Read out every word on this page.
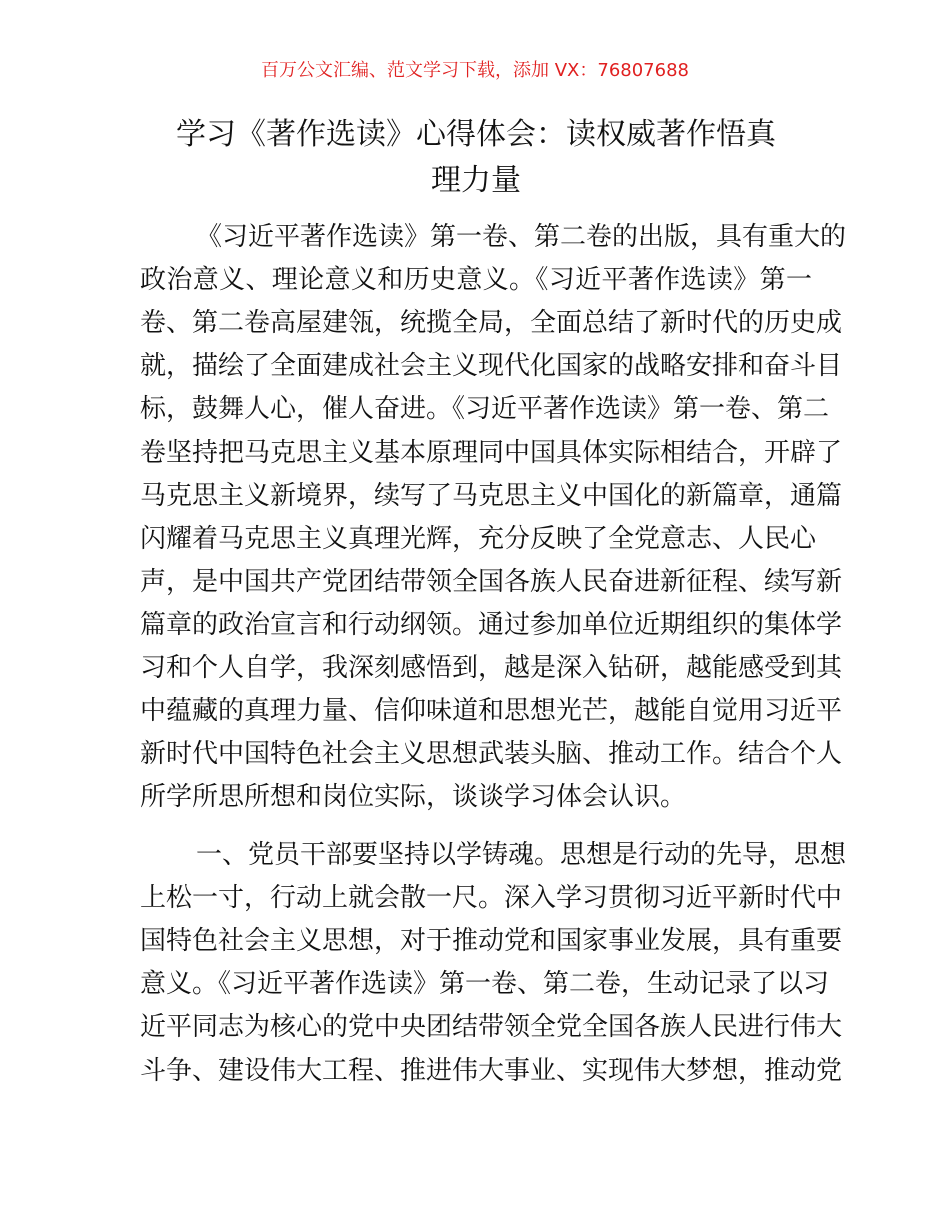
百万公文汇编、范文学习下载，添加 VX：76807688
学习《著作选读》心得体会：读权威著作悟真
理力量
《习近平著作选读》第一卷、第二卷的出版，具有重大的
政治意义、理论意义和历史意义。《习近平著作选读》第一
卷、第二卷高屋建瓴，统揽全局，全面总结了新时代的历史成
就，描绘了全面建成社会主义现代化国家的战略安排和奋斗目
标，鼓舞人心，催人奋进。《习近平著作选读》第一卷、第二
卷坚持把马克思主义基本原理同中国具体实际相结合，开辟了
马克思主义新境界，续写了马克思主义中国化的新篇章，通篇
闪耀着马克思主义真理光辉，充分反映了全党意志、人民心
声，是中国共产党团结带领全国各族人民奋进新征程、续写新
篇章的政治宣言和行动纲领。通过参加单位近期组织的集体学
习和个人自学，我深刻感悟到，越是深入钻研，越能感受到其
中蕴藏的真理力量、信仰味道和思想光芒，越能自觉用习近平
新时代中国特色社会主义思想武装头脑、推动工作。结合个人
所学所思所想和岗位实际，谈谈学习体会认识。
一、党员干部要坚持以学铸魂。思想是行动的先导，思想
上松一寸，行动上就会散一尺。深入学习贯彻习近平新时代中
国特色社会主义思想，对于推动党和国家事业发展，具有重要
意义。《习近平著作选读》第一卷、第二卷，生动记录了以习
近平同志为核心的党中央团结带领全党全国各族人民进行伟大
斗争、建设伟大工程、推进伟大事业、实现伟大梦想，推动党
